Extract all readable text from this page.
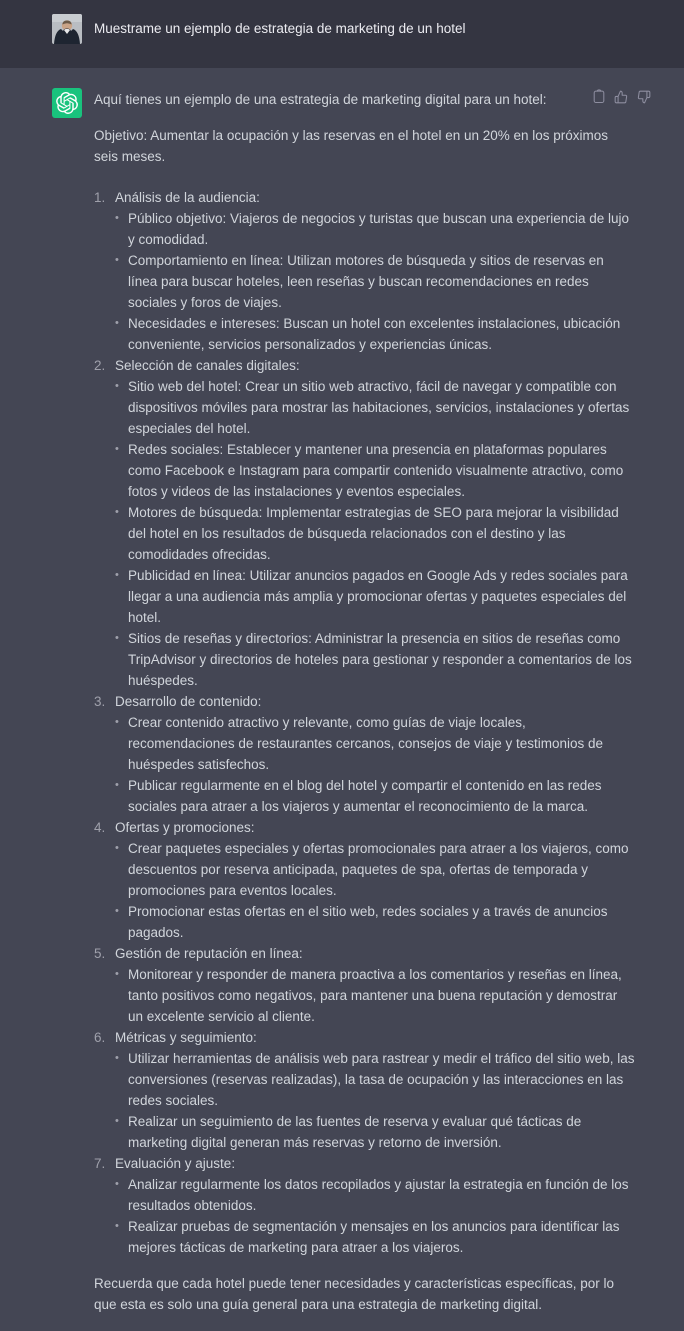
Muestrame un ejemplo de estrategia de marketing de un hotel

Aquí tienes un ejemplo de una estrategia de marketing digital para un hotel:

Objetivo: Aumentar la ocupación y las reservas en el hotel en un 20% en los próximos seis meses.

1. Análisis de la audiencia:
• Público objetivo: Viajeros de negocios y turistas que buscan una experiencia de lujo y comodidad.
• Comportamiento en línea: Utilizan motores de búsqueda y sitios de reservas en línea para buscar hoteles, leen reseñas y buscan recomendaciones en redes sociales y foros de viajes.
• Necesidades e intereses: Buscan un hotel con excelentes instalaciones, ubicación conveniente, servicios personalizados y experiencias únicas.
2. Selección de canales digitales:
• Sitio web del hotel: Crear un sitio web atractivo, fácil de navegar y compatible con dispositivos móviles para mostrar las habitaciones, servicios, instalaciones y ofertas especiales del hotel.
• Redes sociales: Establecer y mantener una presencia en plataformas populares como Facebook e Instagram para compartir contenido visualmente atractivo, como fotos y videos de las instalaciones y eventos especiales.
• Motores de búsqueda: Implementar estrategias de SEO para mejorar la visibilidad del hotel en los resultados de búsqueda relacionados con el destino y las comodidades ofrecidas.
• Publicidad en línea: Utilizar anuncios pagados en Google Ads y redes sociales para llegar a una audiencia más amplia y promocionar ofertas y paquetes especiales del hotel.
• Sitios de reseñas y directorios: Administrar la presencia en sitios de reseñas como TripAdvisor y directorios de hoteles para gestionar y responder a comentarios de los huéspedes.
3. Desarrollo de contenido:
• Crear contenido atractivo y relevante, como guías de viaje locales, recomendaciones de restaurantes cercanos, consejos de viaje y testimonios de huéspedes satisfechos.
• Publicar regularmente en el blog del hotel y compartir el contenido en las redes sociales para atraer a los viajeros y aumentar el reconocimiento de la marca.
4. Ofertas y promociones:
• Crear paquetes especiales y ofertas promocionales para atraer a los viajeros, como descuentos por reserva anticipada, paquetes de spa, ofertas de temporada y promociones para eventos locales.
• Promocionar estas ofertas en el sitio web, redes sociales y a través de anuncios pagados.
5. Gestión de reputación en línea:
• Monitorear y responder de manera proactiva a los comentarios y reseñas en línea, tanto positivos como negativos, para mantener una buena reputación y demostrar un excelente servicio al cliente.
6. Métricas y seguimiento:
• Utilizar herramientas de análisis web para rastrear y medir el tráfico del sitio web, las conversiones (reservas realizadas), la tasa de ocupación y las interacciones en las redes sociales.
• Realizar un seguimiento de las fuentes de reserva y evaluar qué tácticas de marketing digital generan más reservas y retorno de inversión.
7. Evaluación y ajuste:
• Analizar regularmente los datos recopilados y ajustar la estrategia en función de los resultados obtenidos.
• Realizar pruebas de segmentación y mensajes en los anuncios para identificar las mejores tácticas de marketing para atraer a los viajeros.

Recuerda que cada hotel puede tener necesidades y características específicas, por lo que esta es solo una guía general para una estrategia de marketing digital.
